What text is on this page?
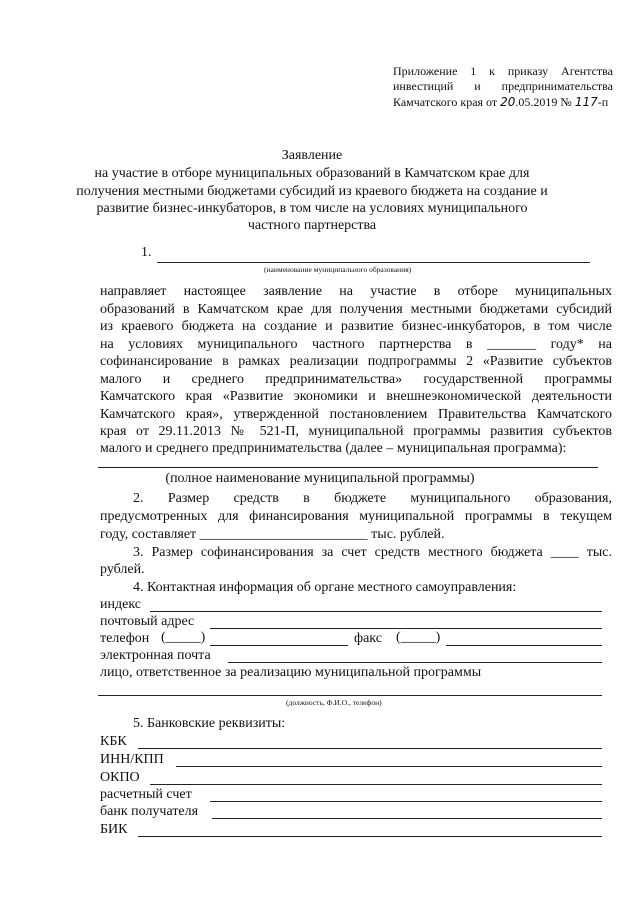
Приложение 1 к приказу Агентства
инвестиций и предпринимательства
Камчатского края от 20.05.2019 № 117-п
Заявление
на участие в отборе муниципальных образований в Камчатском крае для
получения местными бюджетами субсидий из краевого бюджета на создание и
развитие бизнес-инкубаторов, в том числе на условиях муниципального
частного партнерства
1.
(наименование муниципального образования)
направляет настоящее заявление на участие в отборе муниципальных
образований в Камчатском крае для получения местными бюджетами субсидий
из краевого бюджета на создание и развитие бизнес-инкубаторов, в том числе
на условиях муниципального частного партнерства в _______ году* на
софинансирование в рамках реализации подпрограммы 2 «Развитие субъектов
малого и среднего предпринимательства» государственной программы
Камчатского края «Развитие экономики и внешнеэкономической деятельности
Камчатского края», утвержденной постановлением Правительства Камчатского
края от 29.11.2013 № 521-П, муниципальной программы развития субъектов
малого и среднего предпринимательства (далее – муниципальная программа):
(полное наименование муниципальной программы)
2. Размер средств в бюджете муниципального образования,
предусмотренных для финансирования муниципальной программы в текущем
году, составляет ________________________ тыс. рублей.
3. Размер софинансирования за счет средств местного бюджета ____ тыс.
рублей.
4. Контактная информация об органе местного самоуправления:
индекс
почтовый адрес
телефон (_____)	факс (_____)
электронная почта
лицо, ответственное за реализацию муниципальной программы
(должность, Ф.И.О., телефон)
5. Банковские реквизиты:
КБК
ИНН/КПП
ОКПО
расчетный счет
банк получателя
БИК
